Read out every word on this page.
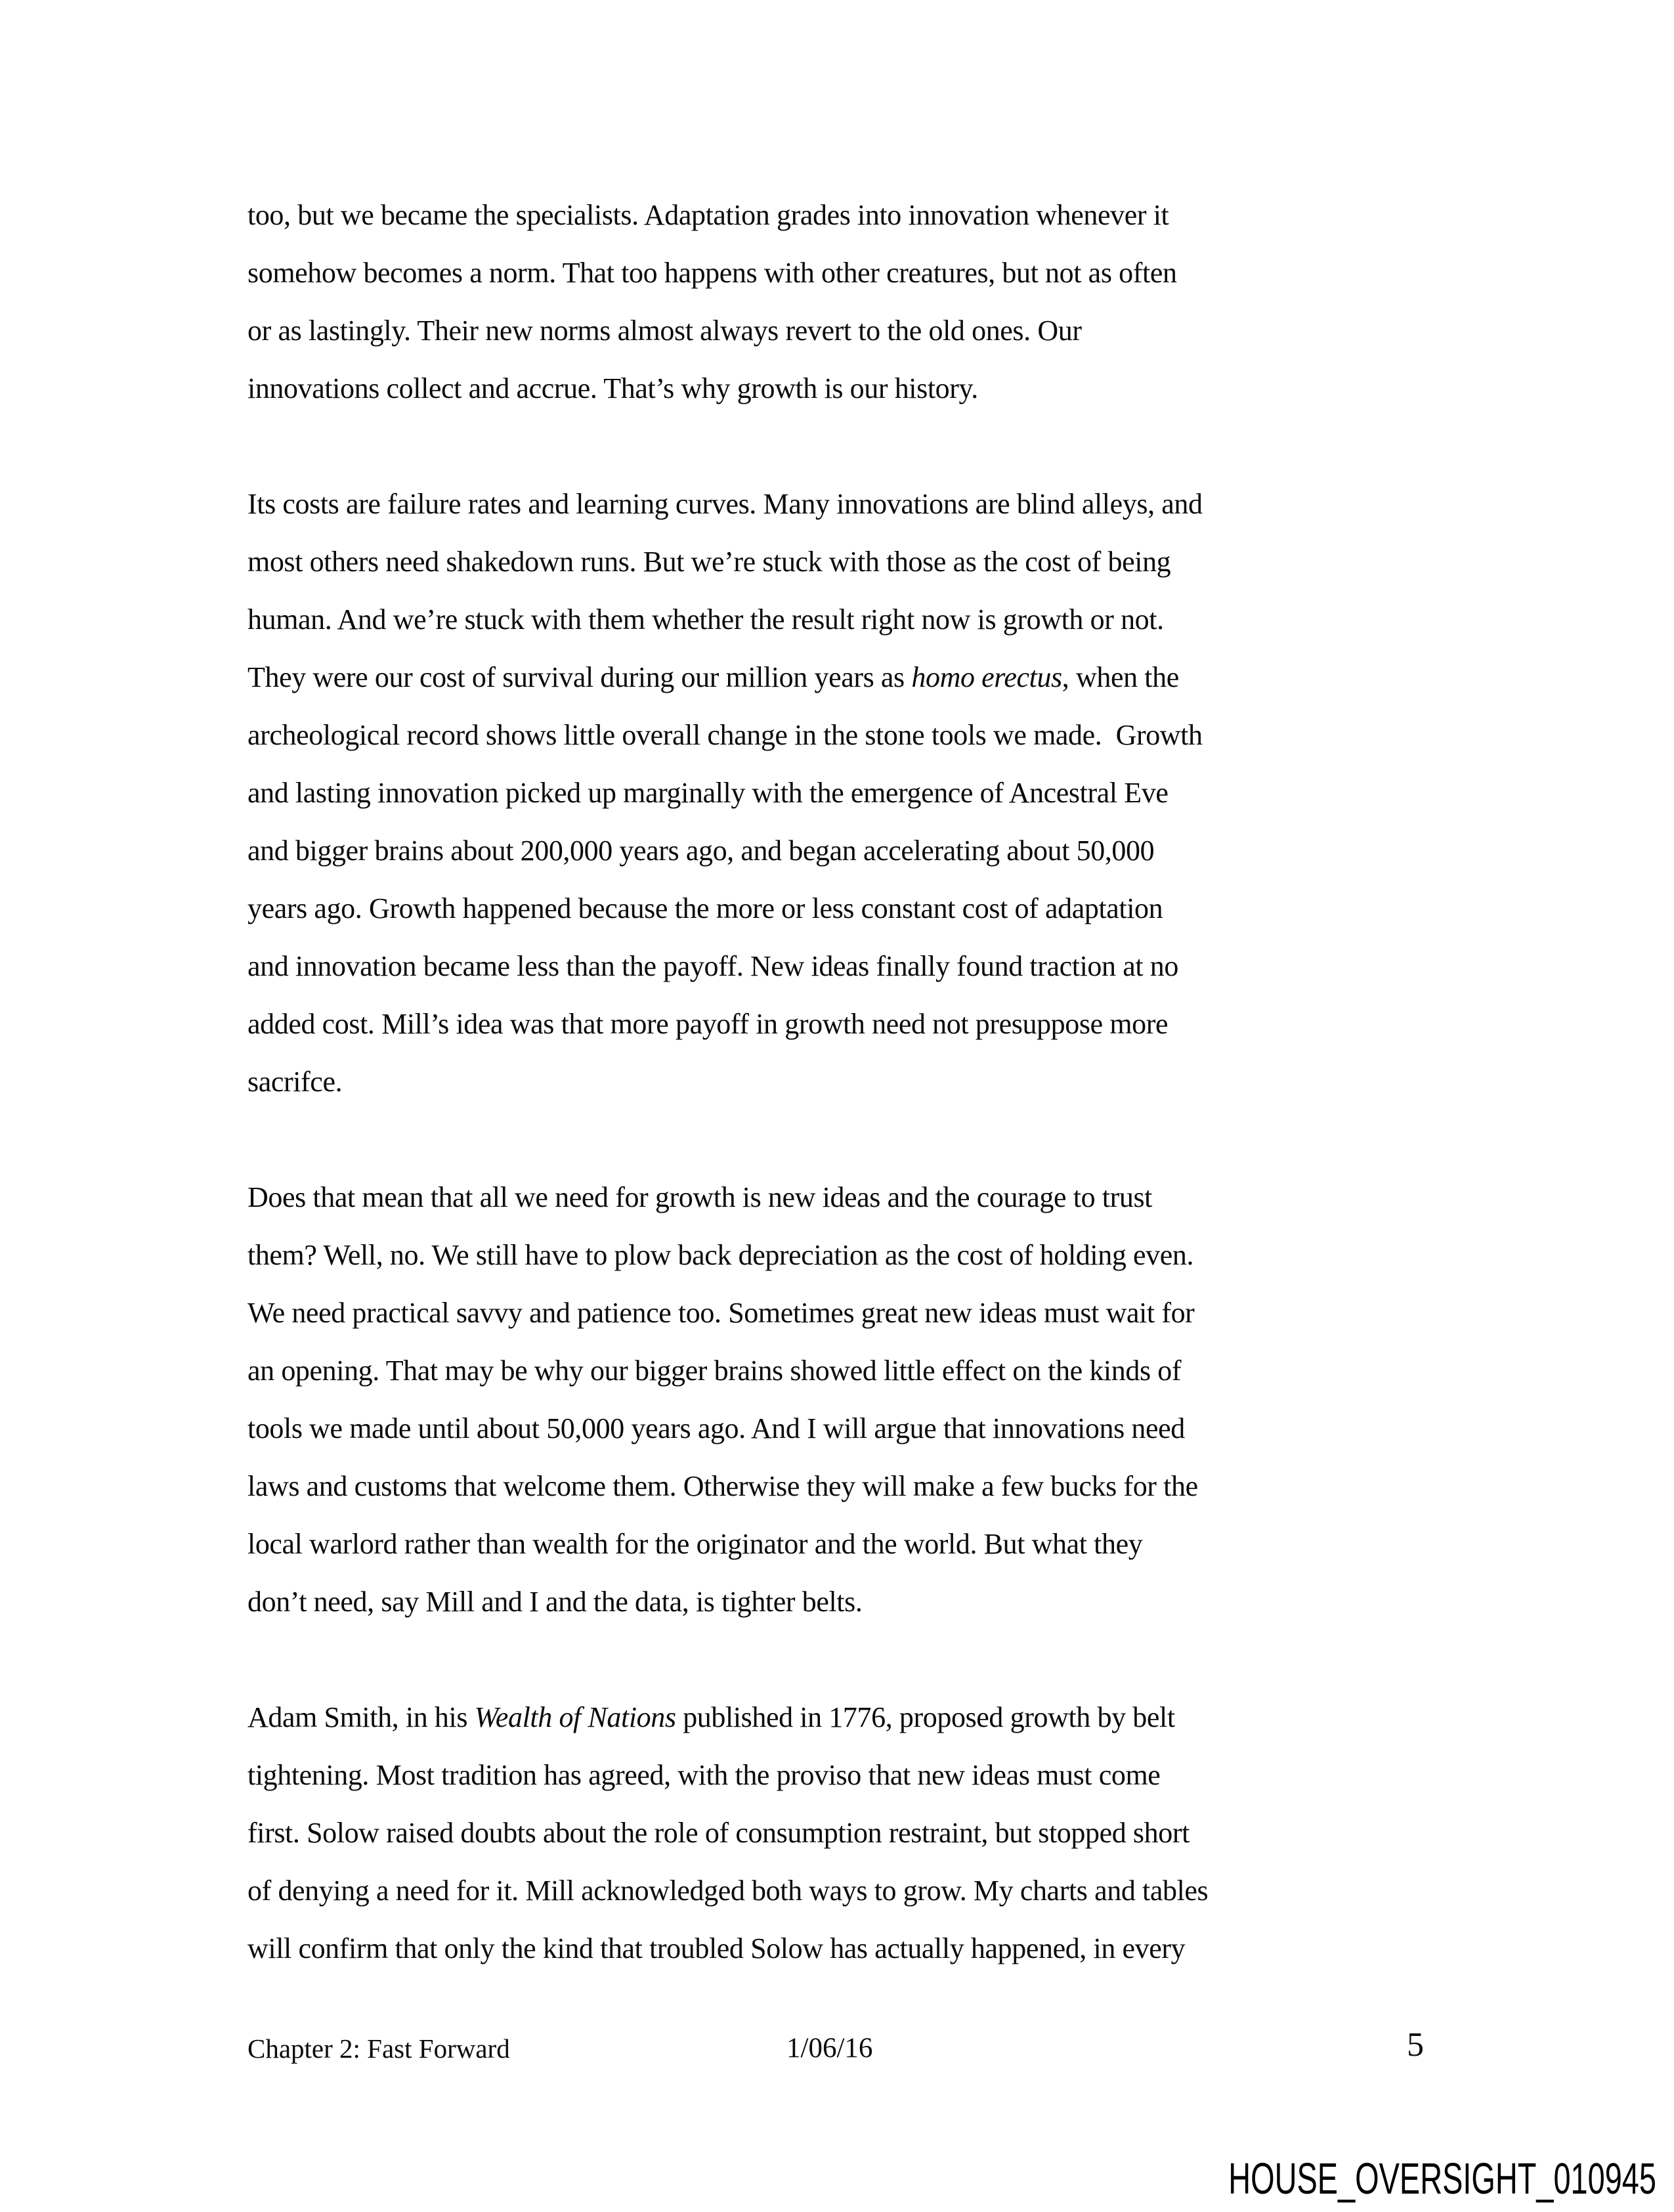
too, but we became the specialists. Adaptation grades into innovation whenever it
somehow becomes a norm. That too happens with other creatures, but not as often
or as lastingly. Their new norms almost always revert to the old ones. Our
innovations collect and accrue. That’s why growth is our history.
Its costs are failure rates and learning curves. Many innovations are blind alleys, and
most others need shakedown runs. But we’re stuck with those as the cost of being
human. And we’re stuck with them whether the result right now is growth or not.
They were our cost of survival during our million years as homo erectus, when the
archeological record shows little overall change in the stone tools we made.  Growth
and lasting innovation picked up marginally with the emergence of Ancestral Eve
and bigger brains about 200,000 years ago, and began accelerating about 50,000
years ago. Growth happened because the more or less constant cost of adaptation
and innovation became less than the payoff. New ideas finally found traction at no
added cost. Mill’s idea was that more payoff in growth need not presuppose more
sacrifce.
Does that mean that all we need for growth is new ideas and the courage to trust
them? Well, no. We still have to plow back depreciation as the cost of holding even.
We need practical savvy and patience too. Sometimes great new ideas must wait for
an opening. That may be why our bigger brains showed little effect on the kinds of
tools we made until about 50,000 years ago. And I will argue that innovations need
laws and customs that welcome them. Otherwise they will make a few bucks for the
local warlord rather than wealth for the originator and the world. But what they
don’t need, say Mill and I and the data, is tighter belts.
Adam Smith, in his Wealth of Nations published in 1776, proposed growth by belt
tightening. Most tradition has agreed, with the proviso that new ideas must come
first. Solow raised doubts about the role of consumption restraint, but stopped short
of denying a need for it. Mill acknowledged both ways to grow. My charts and tables
will confirm that only the kind that troubled Solow has actually happened, in every
Chapter 2: Fast Forward	1/06/16	5
HOUSE_OVERSIGHT_010945
